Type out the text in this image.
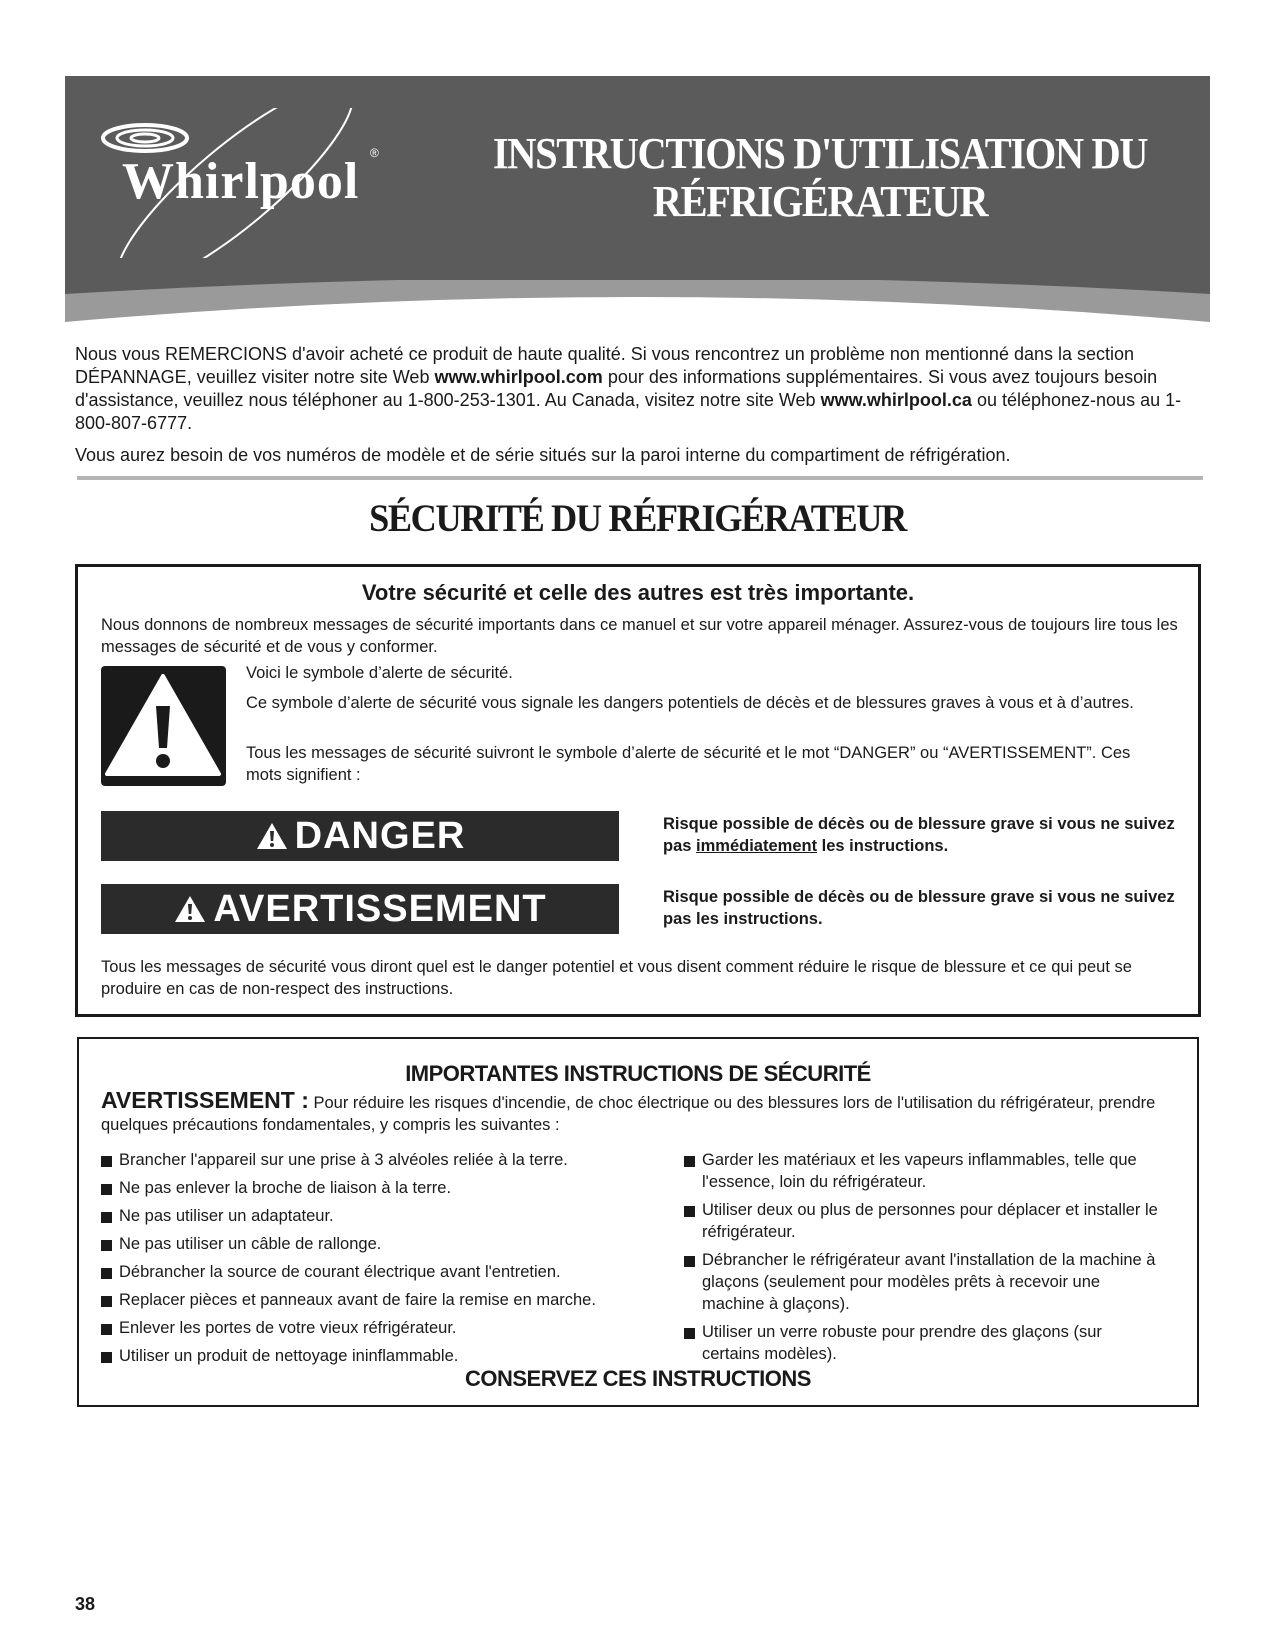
Whirlpool ®	INSTRUCTIONS D'UTILISATION DU
RÉFRIGÉRATEUR

Nous vous REMERCIONS d'avoir acheté ce produit de haute qualité. Si vous rencontrez un problème non mentionné dans la section DÉPANNAGE, veuillez visiter notre site Web www.whirlpool.com pour des informations supplémentaires. Si vous avez toujours besoin d'assistance, veuillez nous téléphoner au 1-800-253-1301. Au Canada, visitez notre site Web www.whirlpool.ca ou téléphonez-nous au 1-800-807-6777.

Vous aurez besoin de vos numéros de modèle et de série situés sur la paroi interne du compartiment de réfrigération.

SÉCURITÉ DU RÉFRIGÉRATEUR
Votre sécurité et celle des autres est très importante.
Nous donnons de nombreux messages de sécurité importants dans ce manuel et sur votre appareil ménager. Assurez-vous de toujours lire tous les messages de sécurité et de vous y conformer.
Voici le symbole d’alerte de sécurité.
Ce symbole d’alerte de sécurité vous signale les dangers potentiels de décès et de blessures graves à vous et à d’autres.
Tous les messages de sécurité suivront le symbole d’alerte de sécurité et le mot “DANGER” ou “AVERTISSEMENT”. Ces mots signifient :
DANGER	Risque possible de décès ou de blessure grave si vous ne suivez pas immédiatement les instructions.
AVERTISSEMENT	Risque possible de décès ou de blessure grave si vous ne suivez pas les instructions.
Tous les messages de sécurité vous diront quel est le danger potentiel et vous disent comment réduire le risque de blessure et ce qui peut se produire en cas de non-respect des instructions.
IMPORTANTES INSTRUCTIONS DE SÉCURITÉ
AVERTISSEMENT : Pour réduire les risques d'incendie, de choc électrique ou des blessures lors de l'utilisation du réfrigérateur, prendre quelques précautions fondamentales, y compris les suivantes :
Brancher l'appareil sur une prise à 3 alvéoles reliée à la terre.
Ne pas enlever la broche de liaison à la terre.
Ne pas utiliser un adaptateur.
Ne pas utiliser un câble de rallonge.
Débrancher la source de courant électrique avant l'entretien.
Replacer pièces et panneaux avant de faire la remise en marche.
Enlever les portes de votre vieux réfrigérateur.
Utiliser un produit de nettoyage ininflammable.
Garder les matériaux et les vapeurs inflammables, telle que l'essence, loin du réfrigérateur.
Utiliser deux ou plus de personnes pour déplacer et installer le réfrigérateur.
Débrancher le réfrigérateur avant l'installation de la machine à glaçons (seulement pour modèles prêts à recevoir une machine à glaçons).
Utiliser un verre robuste pour prendre des glaçons (sur certains modèles).
CONSERVEZ CES INSTRUCTIONS
38
